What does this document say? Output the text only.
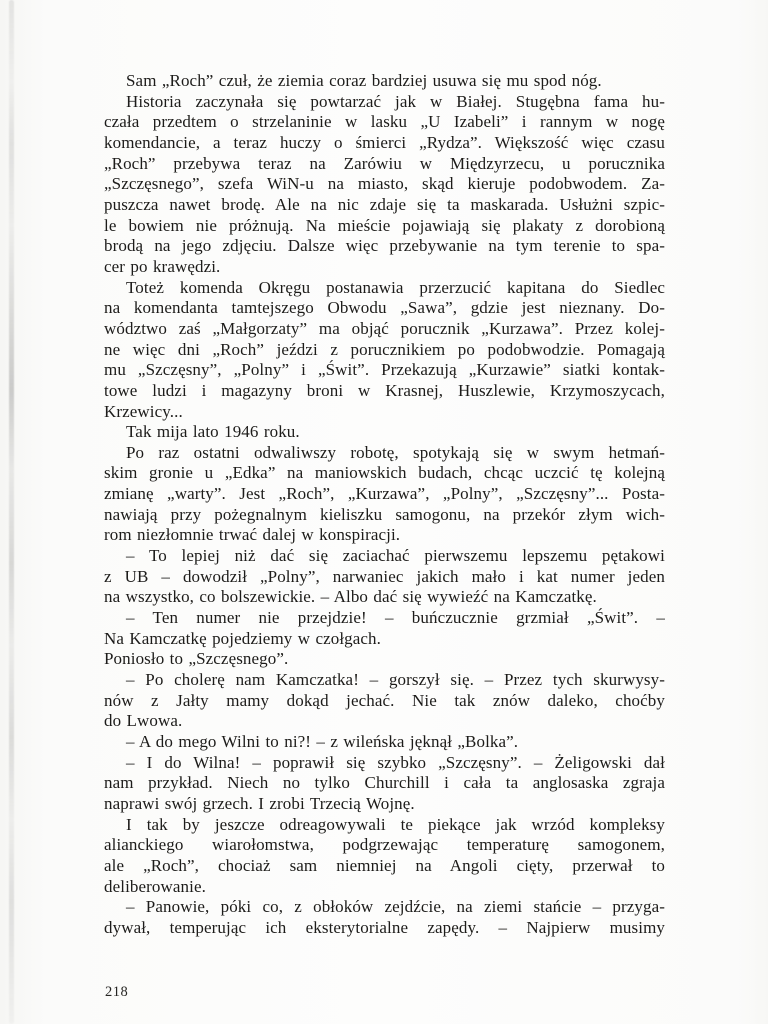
Sam „Roch” czuł, że ziemia coraz bardziej usuwa się mu spod nóg.
Historia zaczynała się powtarzać jak w Białej. Stugębna fama hu-
czała przedtem o strzelaninie w lasku „U Izabeli” i rannym w nogę
komendancie, a teraz huczy o śmierci „Rydza”. Większość więc czasu
„Roch” przebywa teraz na Zarówiu w Międzyrzecu, u porucznika
„Szczęsnego”, szefa WiN-u na miasto, skąd kieruje podobwodem. Za-
puszcza nawet brodę. Ale na nic zdaje się ta maskarada. Usłużni szpic-
le bowiem nie próżnują. Na mieście pojawiają się plakaty z dorobioną
brodą na jego zdjęciu. Dalsze więc przebywanie na tym terenie to spa-
cer po krawędzi.
Toteż komenda Okręgu postanawia przerzucić kapitana do Siedlec
na komendanta tamtejszego Obwodu „Sawa”, gdzie jest nieznany. Do-
wództwo zaś „Małgorzaty” ma objąć porucznik „Kurzawa”. Przez kolej-
ne więc dni „Roch” jeździ z porucznikiem po podobwodzie. Pomagają
mu „Szczęsny”, „Polny” i „Świt”. Przekazują „Kurzawie” siatki kontak-
towe ludzi i magazyny broni w Krasnej, Huszlewie, Krzymoszycach,
Krzewicy...
Tak mija lato 1946 roku.
Po raz ostatni odwaliwszy robotę, spotykają się w swym hetmań-
skim gronie u „Edka” na maniowskich budach, chcąc uczcić tę kolejną
zmianę „warty”. Jest „Roch”, „Kurzawa”, „Polny”, „Szczęsny”... Posta-
nawiają przy pożegnalnym kieliszku samogonu, na przekór złym wich-
rom niezłomnie trwać dalej w konspiracji.
– To lepiej niż dać się zaciachać pierwszemu lepszemu pętakowi
z UB – dowodził „Polny”, narwaniec jakich mało i kat numer jeden
na wszystko, co bolszewickie. – Albo dać się wywieźć na Kamczatkę.
– Ten numer nie przejdzie! – buńczucznie grzmiał „Świt”. –
Na Kamczatkę pojedziemy w czołgach.
Poniosło to „Szczęsnego”.
– Po cholerę nam Kamczatka! – gorszył się. – Przez tych skurwysy-
nów z Jałty mamy dokąd jechać. Nie tak znów daleko, choćby
do Lwowa.
– A do mego Wilni to ni?! – z wileńska jęknął „Bolka”.
– I do Wilna! – poprawił się szybko „Szczęsny”. – Żeligowski dał
nam przykład. Niech no tylko Churchill i cała ta anglosaska zgraja
naprawi swój grzech. I zrobi Trzecią Wojnę.
I tak by jeszcze odreagowywali te piekące jak wrzód kompleksy
alianckiego wiarołomstwa, podgrzewając temperaturę samogonem,
ale „Roch”, chociaż sam niemniej na Angoli cięty, przerwał to
deliberowanie.
– Panowie, póki co, z obłoków zejdźcie, na ziemi stańcie – przyga-
dywał, temperując ich eksterytorialne zapędy. – Najpierw musimy
218
